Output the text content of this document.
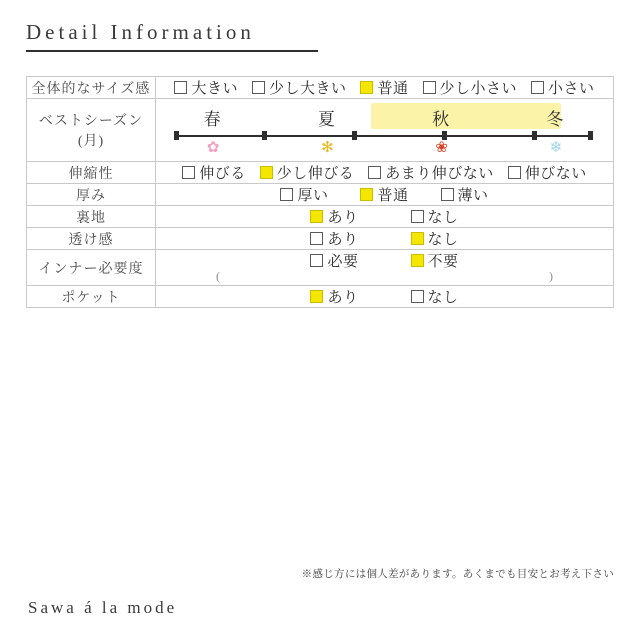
Detail Information
全体的なサイズ感	大きい 少し大きい 普通 少し小さい 小さい

ベストシーズン(月)	
春	夏	秋	冬
✿	✻	❀	❄

伸縮性	伸びる 少し伸びる あまり伸びない 伸びない

厚み	厚い 普通 薄い

裏地	あり なし

透け感	あり なし

インナー必要度	必要 不要
( )

ポケット	あり なし
※感じ方には個人差があります。あくまでも目安とお考え下さい
Sawa á la mode
